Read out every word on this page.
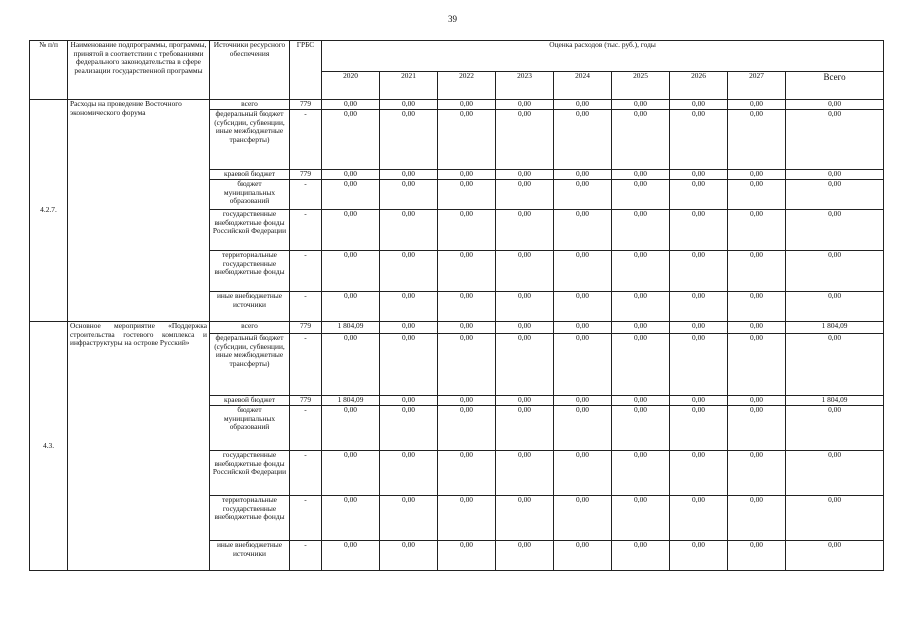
39
№ п/п	Наименование подпрограммы, программы, принятой в соответствии с требованиями федерального законодательства в сфере реализации государственной программы	Источники ресурсного обеспечения	ГРБС	Оценка расходов (тыс. руб.), годы								
				2020	2021	2022	2023	2024	2025	2026	2027	Всего
4.2.7.	Расходы на проведение Восточного экономического форума	всего	779	0,00	0,00	0,00	0,00	0,00	0,00	0,00	0,00	0,00
		федеральный бюджет (субсидии, субвенции, иные межбюджетные трансферты)	-	0,00	0,00	0,00	0,00	0,00	0,00	0,00	0,00	0,00
		краевой бюджет	779	0,00	0,00	0,00	0,00	0,00	0,00	0,00	0,00	0,00
		бюджет муниципальных образований	-	0,00	0,00	0,00	0,00	0,00	0,00	0,00	0,00	0,00
		государственные внебюджетные фонды Российской Федерации	-	0,00	0,00	0,00	0,00	0,00	0,00	0,00	0,00	0,00
		территориальные государственные внебюджетные фонды	-	0,00	0,00	0,00	0,00	0,00	0,00	0,00	0,00	0,00
		иные внебюджетные источники	-	0,00	0,00	0,00	0,00	0,00	0,00	0,00	0,00	0,00
4.3.	Основное мероприятие «Поддержка строительства гостевого комплекса и инфраструктуры на острове Русский»	всего	779	1 804,09	0,00	0,00	0,00	0,00	0,00	0,00	0,00	1 804,09
		федеральный бюджет (субсидии, субвенции, иные межбюджетные трансферты)	-	0,00	0,00	0,00	0,00	0,00	0,00	0,00	0,00	0,00
		краевой бюджет	779	1 804,09	0,00	0,00	0,00	0,00	0,00	0,00	0,00	1 804,09
		бюджет муниципальных образований	-	0,00	0,00	0,00	0,00	0,00	0,00	0,00	0,00	0,00
		государственные внебюджетные фонды Российской Федерации	-	0,00	0,00	0,00	0,00	0,00	0,00	0,00	0,00	0,00
		территориальные государственные внебюджетные фонды	-	0,00	0,00	0,00	0,00	0,00	0,00	0,00	0,00	0,00
		иные внебюджетные источники	-	0,00	0,00	0,00	0,00	0,00	0,00	0,00	0,00	0,00
